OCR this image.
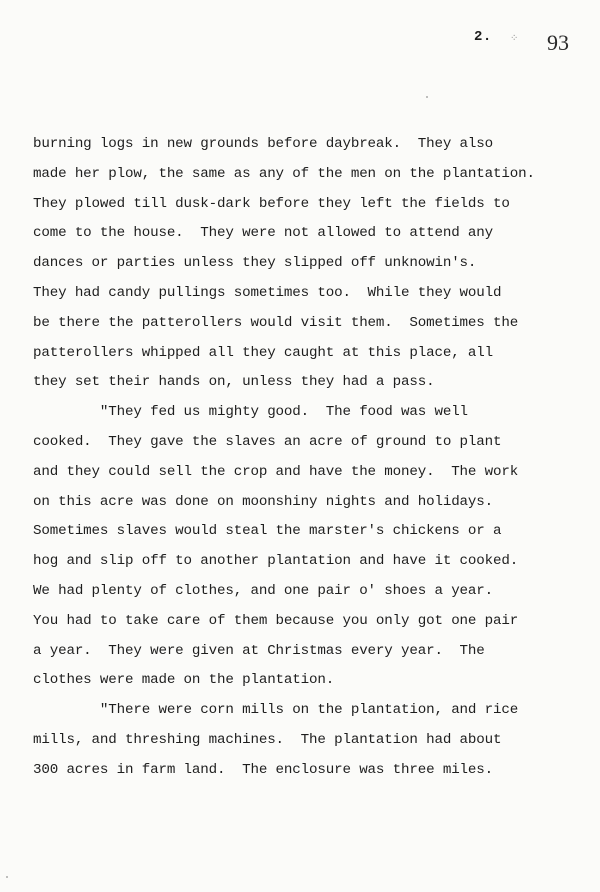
2. ⁘ 93
burning logs in new grounds before daybreak.  They also
made her plow, the same as any of the men on the plantation.
They plowed till dusk-dark before they left the fields to
come to the house.  They were not allowed to attend any
dances or parties unless they slipped off unknowin's.
They had candy pullings sometimes too.  While they would
be there the patterollers would visit them.  Sometimes the
patterollers whipped all they caught at this place, all
they set their hands on, unless they had a pass.
"They fed us mighty good.  The food was well
cooked.  They gave the slaves an acre of ground to plant
and they could sell the crop and have the money.  The work
on this acre was done on moonshiny nights and holidays.
Sometimes slaves would steal the marster's chickens or a
hog and slip off to another plantation and have it cooked.
We had plenty of clothes, and one pair o' shoes a year.
You had to take care of them because you only got one pair
a year.  They were given at Christmas every year.  The
clothes were made on the plantation.
"There were corn mills on the plantation, and rice
mills, and threshing machines.  The plantation had about
300 acres in farm land.  The enclosure was three miles.
